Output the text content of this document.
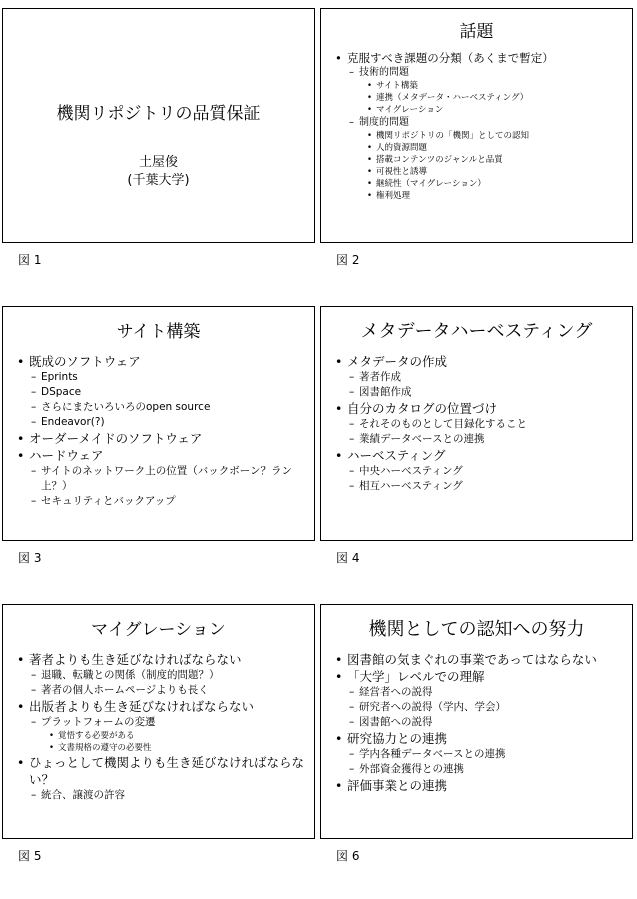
機関リポジトリの品質保証
土屋俊
(千葉大学)
図 1
話題
• 克服すべき課題の分類（あくまで暫定）
– 技術的問題
• サイト構築
• 連携（メタデータ・ハーベスティング）
• マイグレーション
– 制度的問題
• 機関リポジトリの「機関」としての認知
• 人的資源問題
• 搭載コンテンツのジャンルと品質
• 可視性と誘導
• 継続性（マイグレーション）
• 権利処理
図 2
サイト構築
• 既成のソフトウェア
– Eprints
– DSpace
– さらにまたいろいろのopen source
– Endeavor(?)
• オーダーメイドのソフトウェア
• ハードウェア
– サイトのネットワーク上の位置（バックボーン？ラン上？）
– セキュリティとバックアップ
図 3
メタデータハーベスティング
• メタデータの作成
– 著者作成
– 図書館作成
• 自分のカタログの位置づけ
– それそのものとして目録化すること
– 業績データベースとの連携
• ハーベスティング
– 中央ハーベスティング
– 相互ハーベスティング
図 4
マイグレーション
• 著者よりも生き延びなければならない
– 退職、転職との関係（制度的問題？）
– 著者の個人ホームページよりも長く
• 出版者よりも生き延びなければならない
– プラットフォームの変遷
• 覚悟する必要がある
• 文書規格の遵守の必要性
• ひょっとして機関よりも生き延びなければならない？
– 統合、譲渡の許容
図 5
機関としての認知への努力
• 図書館の気まぐれの事業であってはならない
• 「大学」レベルでの理解
– 経営者への説得
– 研究者への説得（学内、学会）
– 図書館への説得
• 研究協力との連携
– 学内各種データベースとの連携
– 外部資金獲得との連携
• 評価事業との連携
図 6
